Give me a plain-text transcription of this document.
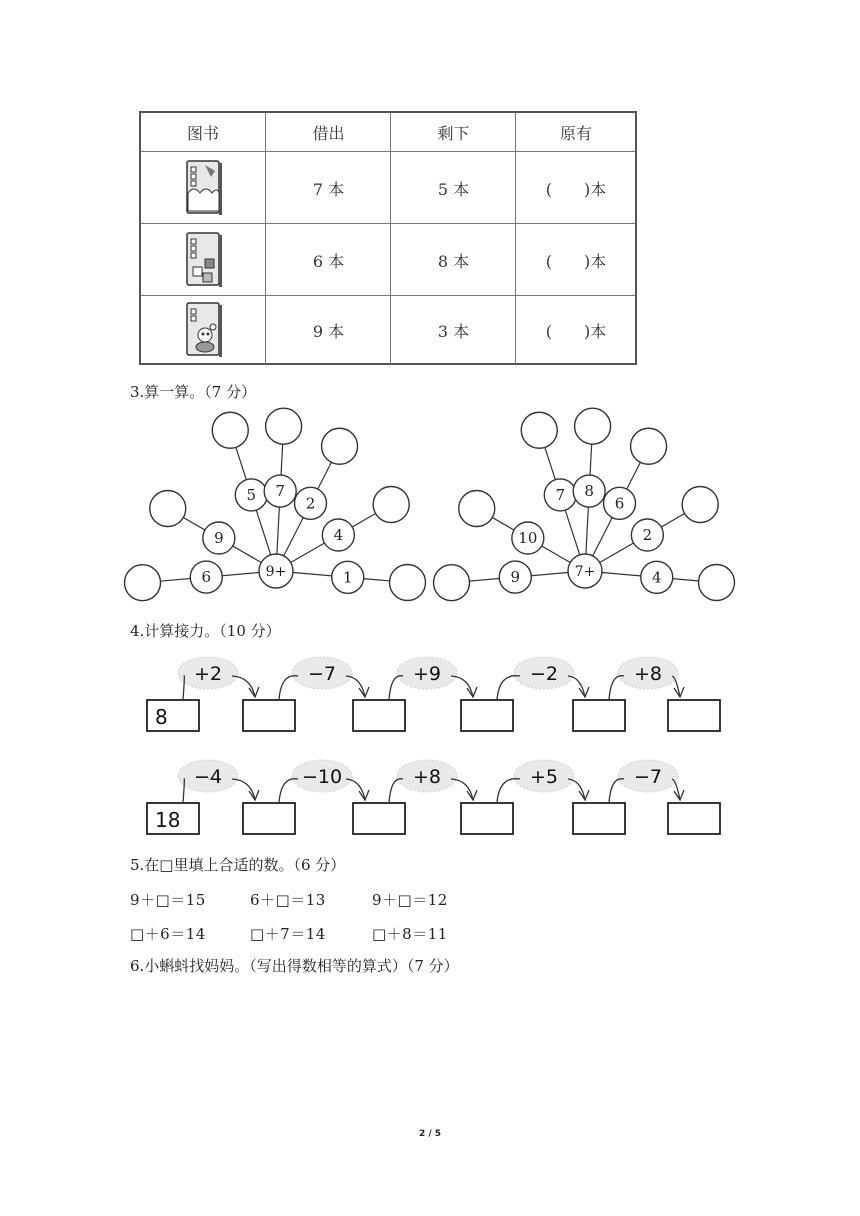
图书	借出	剩下	原有
7 本	5 本	(　　)本
6 本	8 本	(　　)本
9 本	3 本	(　　)本
3.算一算。（7 分）
6
9
5 7
2
4
1
9+	9
10
7 8
6
2
4
7+
4.计算接力。（10 分）
8
+2	−7	+9	−2	+8
18
−4	−10	+8	+5	−7
5.在□里填上合适的数。（6 分）
9＋□＝15	6＋□＝13	9＋□＝12
□＋6＝14	□＋7＝14	□＋8＝11
6.小蝌蚪找妈妈。（写出得数相等的算式）（7 分）
2 / 5
